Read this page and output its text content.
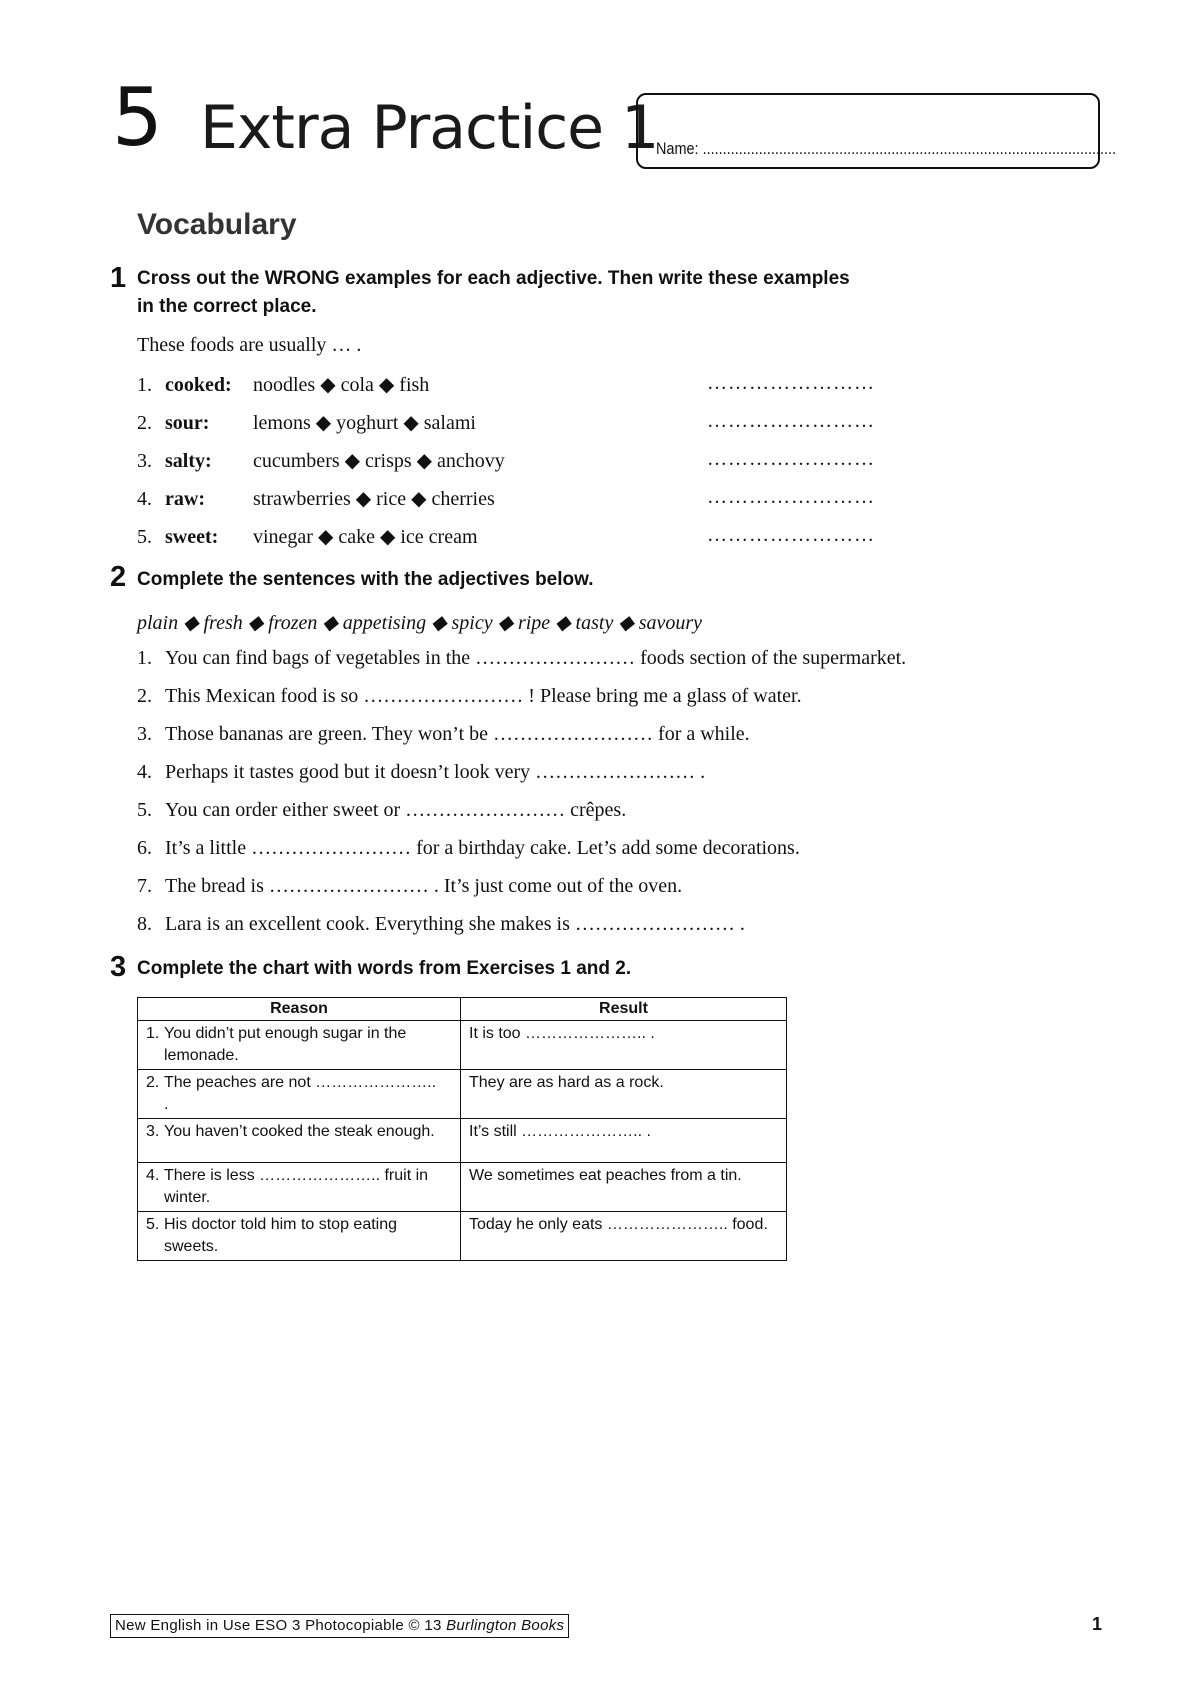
5 Extra Practice 1
Name: .......................................................................................................
Vocabulary
1 Cross out the WRONG examples for each adjective. Then write these examples
in the correct place.
These foods are usually … .
1. cooked: noodles ◆ cola ◆ fish	……………………
2. sour: lemons ◆ yoghurt ◆ salami	……………………
3. salty: cucumbers ◆ crisps ◆ anchovy	……………………
4. raw: strawberries ◆ rice ◆ cherries	……………………
5. sweet: vinegar ◆ cake ◆ ice cream	……………………
2 Complete the sentences with the adjectives below.
plain ◆ fresh ◆ frozen ◆ appetising ◆ spicy ◆ ripe ◆ tasty ◆ savoury
1. You can find bags of vegetables in the …………………… foods section of the supermarket.
2. This Mexican food is so …………………… ! Please bring me a glass of water.
3. Those bananas are green. They won’t be …………………… for a while.
4. Perhaps it tastes good but it doesn’t look very …………………… .
5. You can order either sweet or …………………… crêpes.
6. It’s a little …………………… for a birthday cake. Let’s add some decorations.
7. The bread is …………………… . It’s just come out of the oven.
8. Lara is an excellent cook. Everything she makes is …………………… .
3 Complete the chart with words from Exercises 1 and 2.
Reason	Result
1. You didn’t put enough sugar in the lemonade.	It is too ………………….. .
2. The peaches are not ………………….. .	They are as hard as a rock.
3. You haven’t cooked the steak enough.	It’s still ………………….. .
4. There is less ………………….. fruit in winter.	We sometimes eat peaches from a tin.
5. His doctor told him to stop eating sweets.	Today he only eats ………………….. food.
New English in Use ESO 3 Photocopiable © 13 Burlington Books	1
